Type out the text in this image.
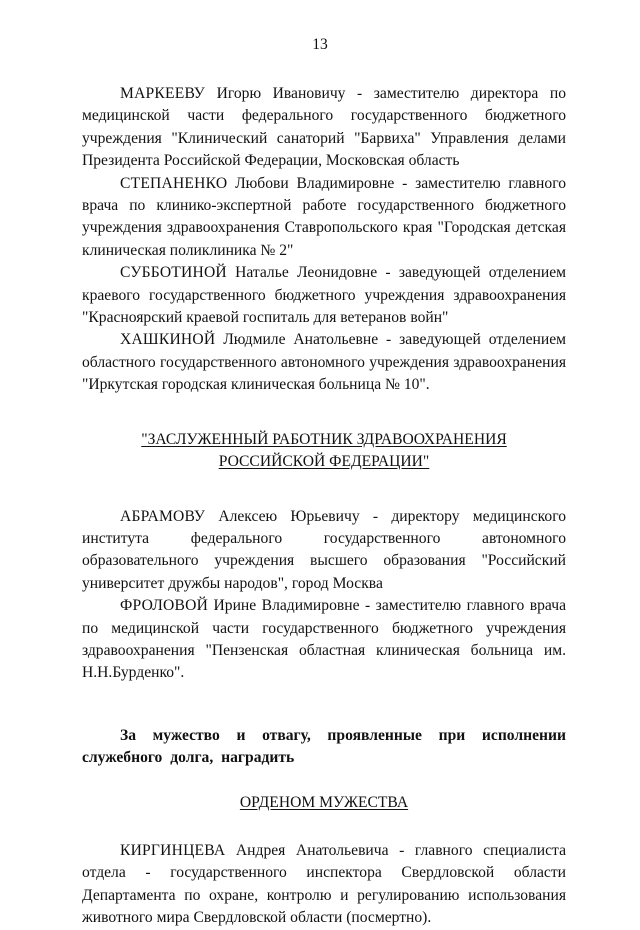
13

МАРКЕЕВУ Игорю Ивановичу - заместителю директора по медицинской части федерального государственного бюджетного учреждения "Клинический санаторий "Барвиха" Управления делами Президента Российской Федерации, Московская область

СТЕПАНЕНКО Любови Владимировне - заместителю главного врача по клинико-экспертной работе государственного бюджетного учреждения здравоохранения Ставропольского края "Городская детская клиническая поликлиника № 2"

СУББОТИНОЙ Наталье Леонидовне - заведующей отделением краевого государственного бюджетного учреждения здравоохранения "Красноярский краевой госпиталь для ветеранов войн"

ХАШКИНОЙ Людмиле Анатольевне - заведующей отделением областного государственного автономного учреждения здравоохранения "Иркутская городская клиническая больница № 10".

"ЗАСЛУЖЕННЫЙ РАБОТНИК ЗДРАВООХРАНЕНИЯ

РОССИЙСКОЙ ФЕДЕРАЦИИ"

АБРАМОВУ Алексею Юрьевичу - директору медицинского института федерального государственного автономного образовательного учреждения высшего образования "Российский университет дружбы народов", город Москва

ФРОЛОВОЙ Ирине Владимировне - заместителю главного врача по медицинской части государственного бюджетного учреждения здравоохранения "Пензенская областная клиническая больница им. Н.Н.Бурденко".

За мужество и отвагу, проявленные при исполнении служебного долга, наградить

ОРДЕНОМ МУЖЕСТВА

КИРГИНЦЕВА Андрея Анатольевича - главного специалиста отдела - государственного инспектора Свердловской области Департамента по охране, контролю и регулированию использования животного мира Свердловской области (посмертно).
